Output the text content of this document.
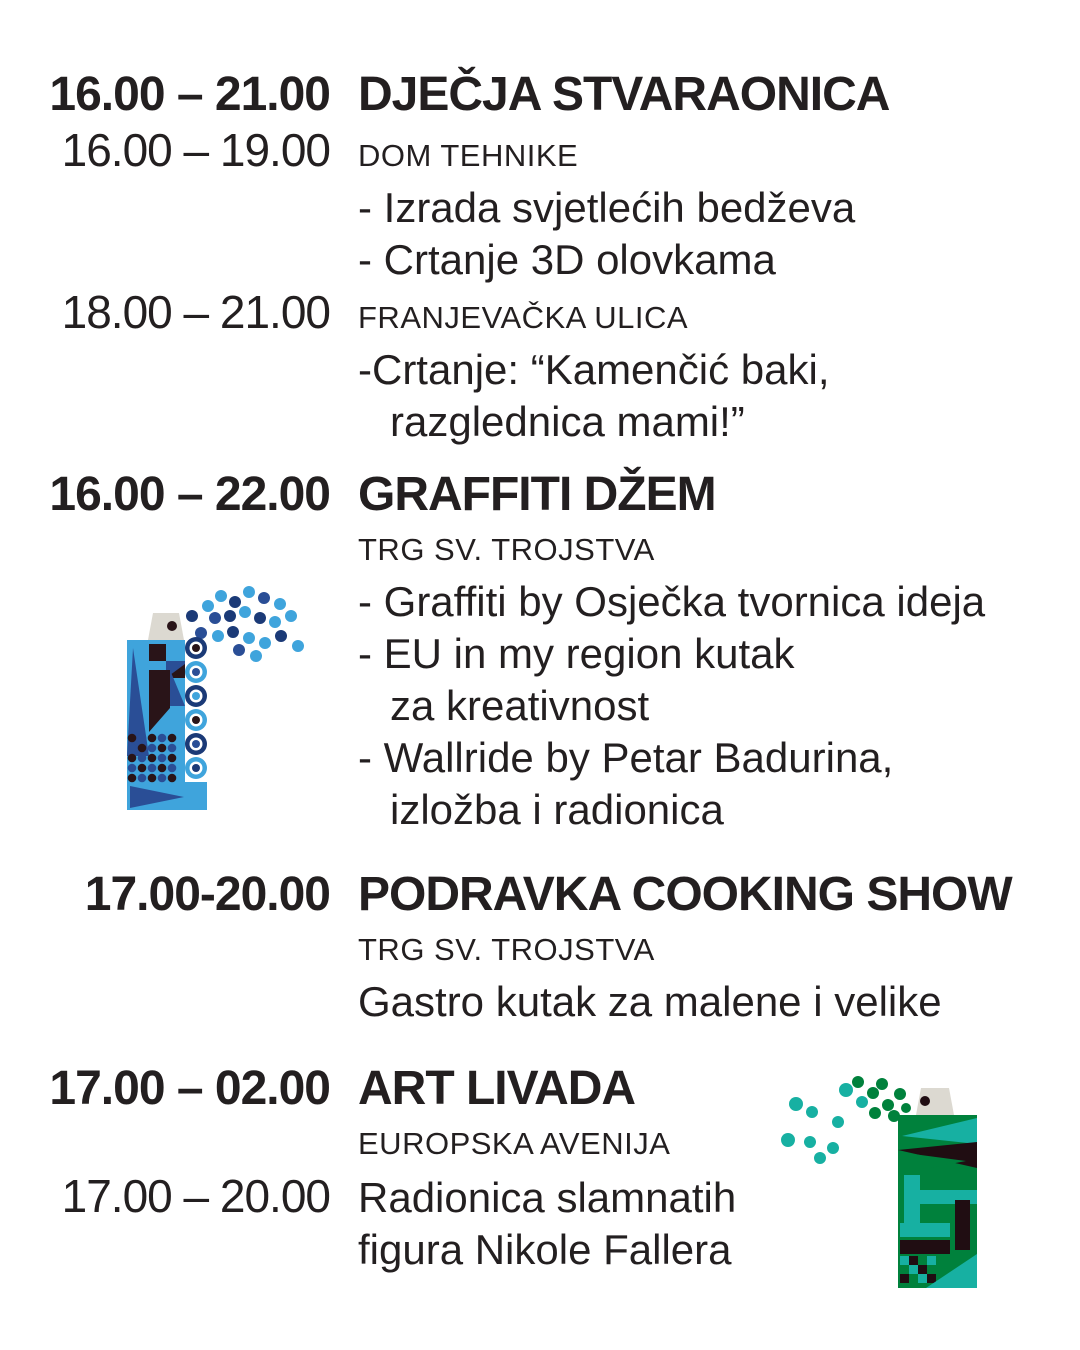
16.00 – 21.00 DJEČJA STVARAONICA
16.00 – 19.00 DOM TEHNIKE
- Izrada svjetlećih bedževa
- Crtanje 3D olovkama
18.00 – 21.00 FRANJEVAČKA ULICA
-Crtanje: “Kamenčić baki,
razglednica mami!”
16.00 – 22.00 GRAFFITI DŽEM
TRG SV. TROJSTVA
- Graffiti by Osječka tvornica ideja
- EU in my region kutak
za kreativnost
- Wallride by Petar Badurina,
izložba i radionica
17.00-20.00 PODRAVKA COOKING SHOW
TRG SV. TROJSTVA
Gastro kutak za malene i velike
17.00 – 02.00 ART LIVADA
EUROPSKA AVENIJA
17.00 – 20.00 Radionica slamnatih
figura Nikole Fallera
